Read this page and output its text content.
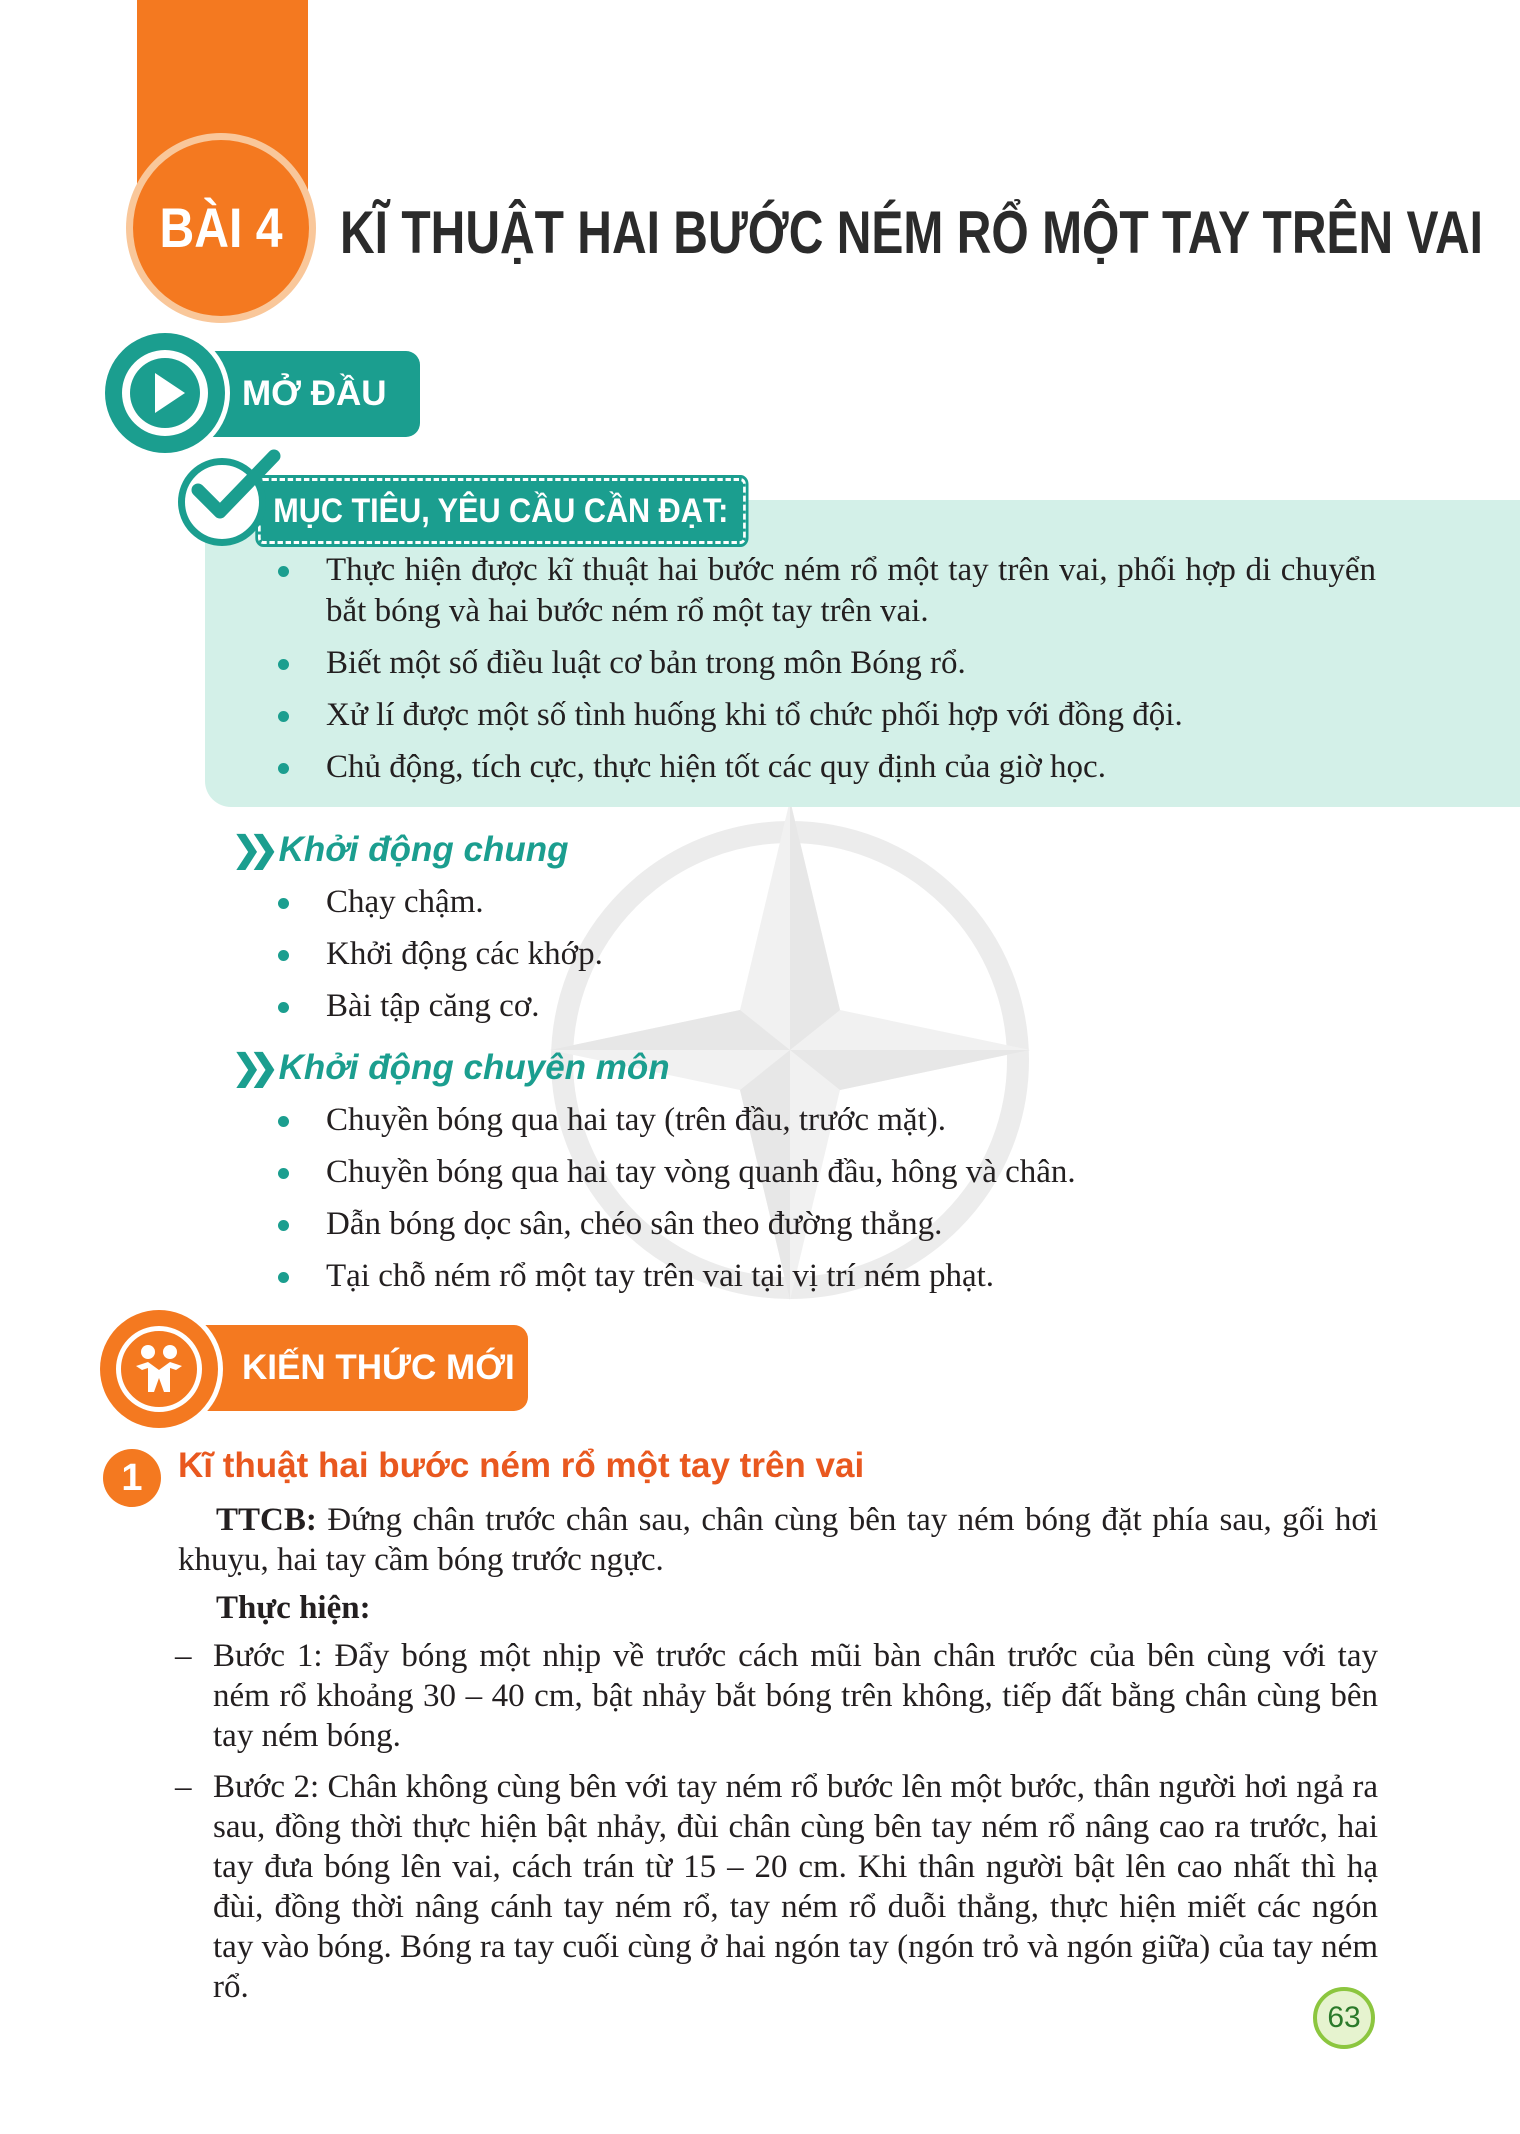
BÀI 4 KĨ THUẬT HAI BƯỚC NÉM RỔ MỘT TAY TRÊN VAI
MỞ ĐẦU
MỤC TIÊU, YÊU CẦU CẦN ĐẠT:
Thực hiện được kĩ thuật hai bước ném rổ một tay trên vai, phối hợp di chuyển bắt bóng và hai bước ném rổ một tay trên vai.
Biết một số điều luật cơ bản trong môn Bóng rổ.
Xử lí được một số tình huống khi tổ chức phối hợp với đồng đội.
Chủ động, tích cực, thực hiện tốt các quy định của giờ học.
❯❯ Khởi động chung
Chạy chậm.
Khởi động các khớp.
Bài tập căng cơ.
❯❯ Khởi động chuyên môn
Chuyền bóng qua hai tay (trên đầu, trước mặt).
Chuyền bóng qua hai tay vòng quanh đầu, hông và chân.
Dẫn bóng dọc sân, chéo sân theo đường thẳng.
Tại chỗ ném rổ một tay trên vai tại vị trí ném phạt.
KIẾN THỨC MỚI
1	Kĩ thuật hai bước ném rổ một tay trên vai
TTCB: Đứng chân trước chân sau, chân cùng bên tay ném bóng đặt phía sau, gối hơi khuỵu, hai tay cầm bóng trước ngực.
Thực hiện:
– Bước 1: Đẩy bóng một nhịp về trước cách mũi bàn chân trước của bên cùng với tay ném rổ khoảng 30 – 40 cm, bật nhảy bắt bóng trên không, tiếp đất bằng chân cùng bên tay ném bóng.
– Bước 2: Chân không cùng bên với tay ném rổ bước lên một bước, thân người hơi ngả ra sau, đồng thời thực hiện bật nhảy, đùi chân cùng bên tay ném rổ nâng cao ra trước, hai tay đưa bóng lên vai, cách trán từ 15 – 20 cm. Khi thân người bật lên cao nhất thì hạ đùi, đồng thời nâng cánh tay ném rổ, tay ném rổ duỗi thẳng, thực hiện miết các ngón tay vào bóng. Bóng ra tay cuối cùng ở hai ngón tay (ngón trỏ và ngón giữa) của tay ném rổ.
63
